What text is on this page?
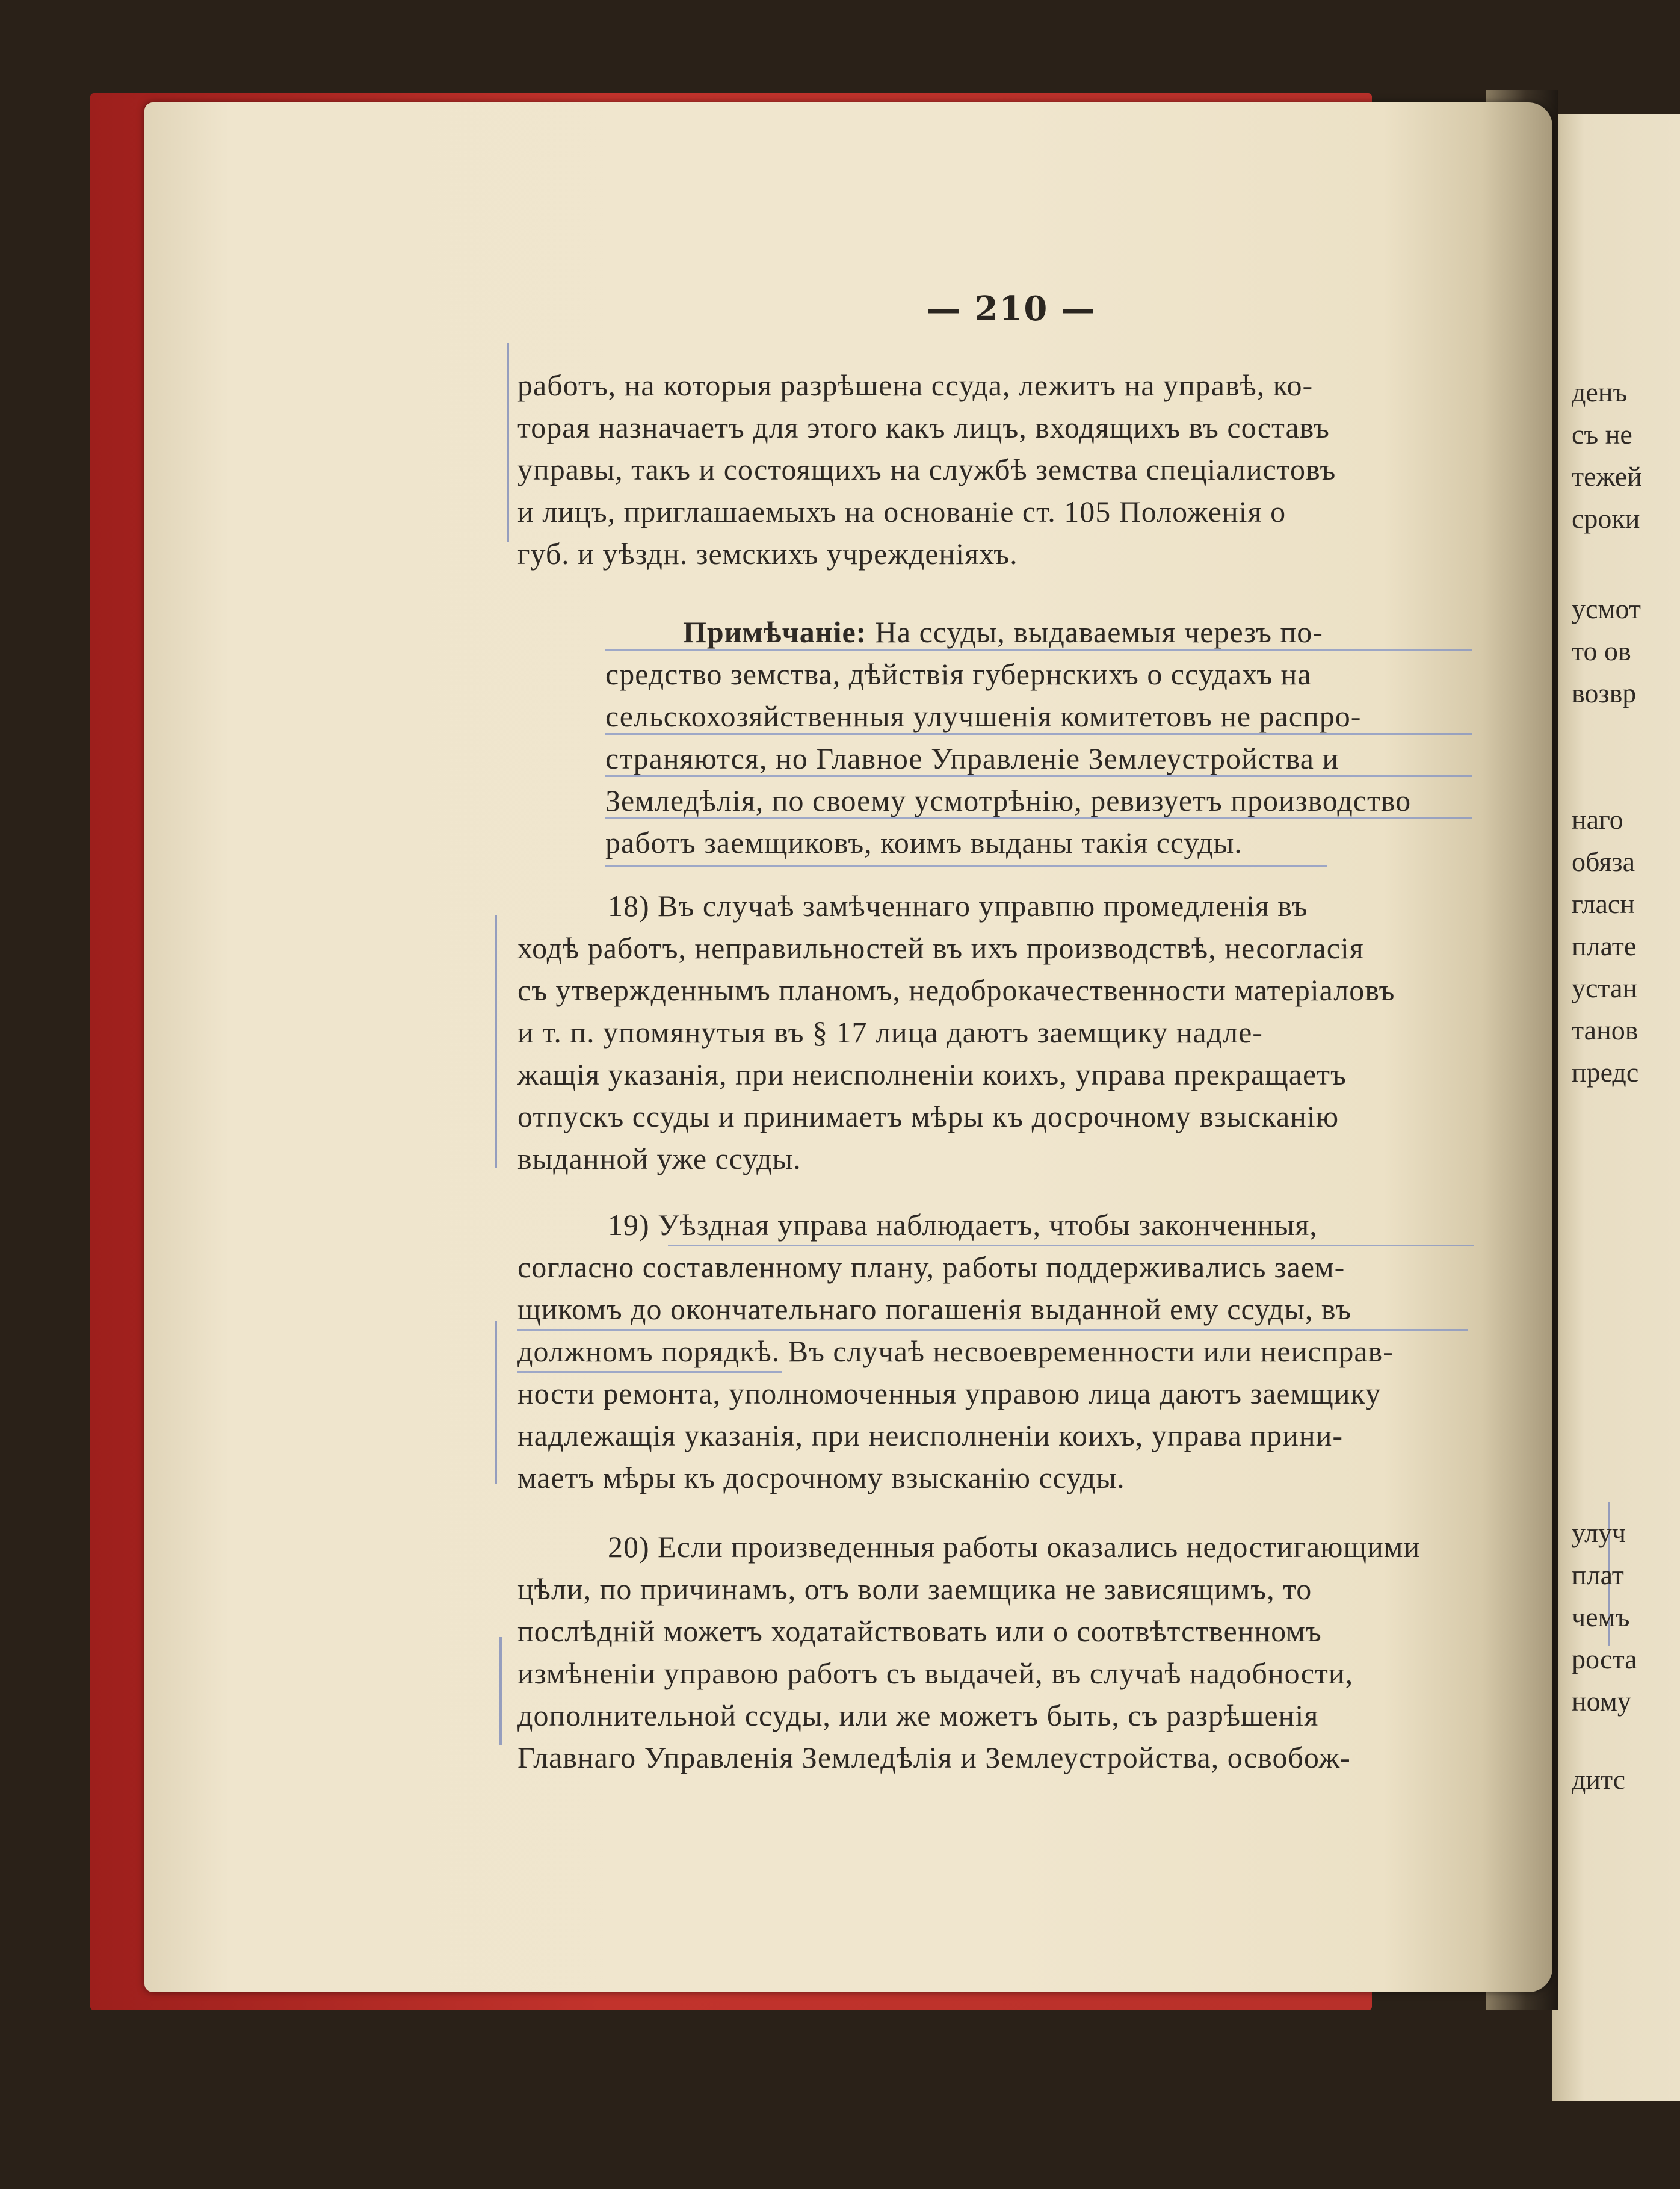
— 210 —
работъ, на которыя разрѣшена ссуда, лежитъ на управѣ, ко-
торая назначаетъ для этого какъ лицъ, входящихъ въ составъ
управы, такъ и состоящихъ на службѣ земства спеціалистовъ
и лицъ, приглашаемыхъ на основаніе ст. 105 Положенія о
губ. и уѣздн. земскихъ учрежденіяхъ.
Примѣчаніе: На ссуды, выдаваемыя черезъ по-
средство земства, дѣйствія губернскихъ о ссудахъ на
сельскохозяйственныя улучшенія комитетовъ не распро-
страняются, но Главное Управленіе Землеустройства и
Земледѣлія, по своему усмотрѣнію, ревизуетъ производство
работъ заемщиковъ, коимъ выданы такія ссуды.
18) Въ случаѣ замѣченнаго управпю промедленія въ
ходѣ работъ, неправильностей въ ихъ производствѣ, несогласія
съ утвержденнымъ планомъ, недоброкачественности матеріаловъ
и т. п. упомянутыя въ § 17 лица даютъ заемщику надле-
жащія указанія, при неисполненіи коихъ, управа прекращаетъ
отпускъ ссуды и принимаетъ мѣры къ досрочному взысканію
выданной уже ссуды.
19) Уѣздная управа наблюдаетъ, чтобы законченныя,
согласно составленному плану, работы поддерживались заем-
щикомъ до окончательнаго погашенія выданной ему ссуды, въ
должномъ порядкѣ. Въ случаѣ несвоевременности или неисправ-
ности ремонта, уполномоченныя управою лица даютъ заемщику
надлежащія указанія, при неисполненіи коихъ, управа прини-
маетъ мѣры къ досрочному взысканію ссуды.
20) Если произведенныя работы оказались недостигающими
цѣли, по причинамъ, отъ воли заемщика не зависящимъ, то
послѣдній можетъ ходатайствовать или о соотвѣтственномъ
измѣненіи управою работъ съ выдачей, въ случаѣ надобности,
дополнительной ссуды, или же можетъ быть, съ разрѣшенія
Главнаго Управленія Земледѣлія и Землеустройства, освобож-
денъ
съ не
тежей
сроки
усмот
то ов
возвр
наго
обяза
гласн
плате
устан
танов
предс
улуч
плат
чемъ
роста
ному
дитс
